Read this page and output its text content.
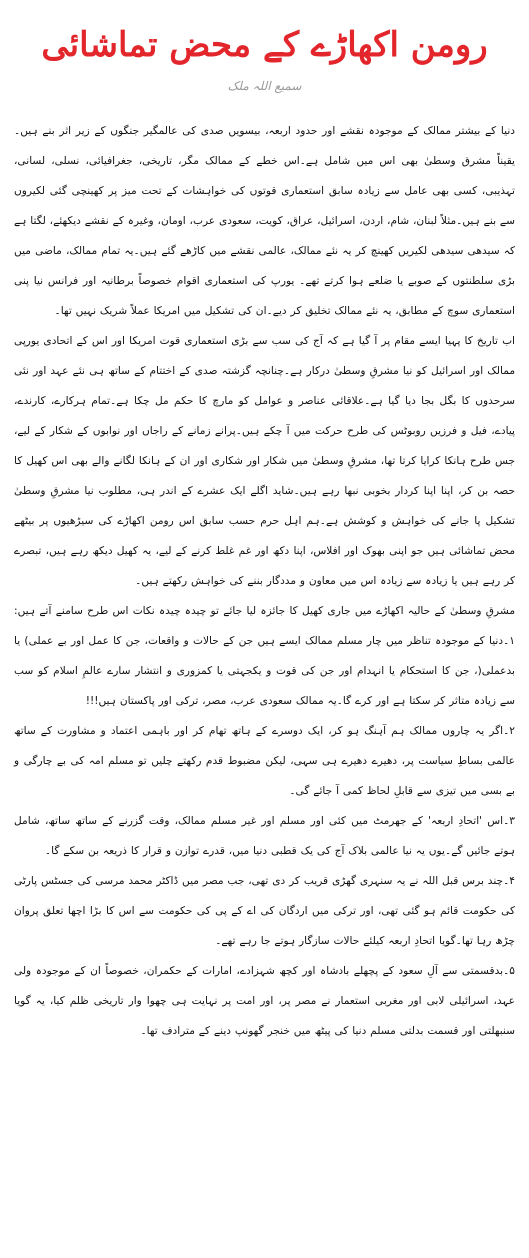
رومن اکھاڑے کے محض تماشائی
سمیع اللہ ملک

دنیا کے بیشتر ممالک کے موجودہ نقشے اور حدود اربعہ، بیسویں صدی کی عالمگیر جنگوں کے زیر اثر بنے ہیں۔یقیناً مشرق وسطیٰ بھی اس میں شامل ہے۔اس خطے کے ممالک مگر، تاریخی، جغرافیائی، نسلی، لسانی، تہذیبی، کسی بھی عامل سے زیادہ سابق استعماری قوتوں کی خواہشات کے تحت میز پر کھینچی گئی لکیروں سے بنے ہیں۔مثلاً لبنان، شام، اردن، اسرائیل، عراق، کویت، سعودی عرب، اومان، وغیرہ کے نقشے دیکھئے، لگتا ہے کہ سیدھی سیدھی لکیریں کھینچ کر یہ نئے ممالک، عالمی نقشے میں کاڑھے گئے ہیں۔یہ تمام ممالک، ماضی میں بڑی سلطنتوں کے صوبے یا ضلعے ہوا کرتے تھے۔ یورپ کی استعماری اقوام خصوصاً برطانیہ اور فرانس نیا پنی استعماری سوچ کے مطابق، یہ نئے ممالک تخلیق کر دیے۔ان کی تشکیل میں امریکا عملاً شریک نہیں تھا۔

اب تاریخ کا پہیا ایسے مقام پر آ گیا ہے کہ آج کی سب سے بڑی استعماری قوت امریکا اور اس کے اتحادی یورپی ممالک اور اسرائیل کو نیا مشرقِ وسطیٰ درکار ہے۔چنانچہ گزشتہ صدی کے اختتام کے ساتھ ہی نئے عہد اور نئی سرحدوں کا بگل بجا دیا گیا ہے۔علاقائی عناصر و عوامل کو مارچ کا حکم مل چکا ہے۔تمام ہرکارے، کارندے، پیادے، فیل و فرزیں روبوٹس کی طرح حرکت میں آ چکے ہیں۔پرانے زمانے کے راجاں اور نوابوں کے شکار کے لیے، جس طرح ہانکا کرایا کرتا تھا، مشرقِ وسطیٰ میں شکار اور شکاری اور ان کے ہانکا لگانے والے بھی اس کھیل کا حصہ بن کر، اپنا اپنا کردار بخوبی نبھا رہے ہیں۔شاید اگلے ایک عشرے کے اندر ہی، مطلوب نیا مشرقِ وسطیٰ تشکیل پا جانے کی خواہش و کوشش ہے۔ہم اہل حرم حسب سابق اس رومن اکھاڑے کی سیڑھیوں پر بیٹھے محض تماشائی ہیں جو اپنی بھوک اور افلاس، اپنا دکھ اور غم غلط کرنے کے لیے، یہ کھیل دیکھ رہے ہیں، تبصرے کر رہے ہیں یا زیادہ سے زیادہ اس میں معاون و مددگار بننے کی خواہش رکھتے ہیں۔

مشرقِ وسطیٰ کے حالیہ اکھاڑے میں جاری کھیل کا جائزہ لیا جائے تو چیدہ چیدہ نکات اس طرح سامنے آتے ہیں: ۱۔دنیا کے موجودہ تناظر میں چار مسلم ممالک ایسے ہیں جن کے حالات و واقعات، جن کا عمل اور بے عملی) یا بدعملی(، جن کا استحکام یا انہدام اور جن کی قوت و یکجہتی یا کمزوری و انتشار سارے عالمِ اسلام کو سب سے زیادہ متاثر کر سکتا ہے اور کرے گا۔یہ ممالک سعودی عرب، مصر، ترکی اور پاکستان ہیں!!!

۲۔اگر یہ چاروں ممالک ہم آہنگ ہو کر، ایک دوسرے کے ہاتھ تھام کر اور باہمی اعتماد و مشاورت کے ساتھ عالمی بساطِ سیاست پر، دھیرے دھیرے ہی سہی، لیکن مضبوط قدم رکھتے چلیں تو مسلم امہ کی بے چارگی و بے بسی میں تیزی سے قابلِ لحاظ کمی آ جائے گی۔

۳۔اس 'اتحادِ اربعہ' کے جھرمٹ میں کئی اور مسلم اور غیر مسلم ممالک، وقت گزرنے کے ساتھ ساتھ، شامل ہوتے جائیں گے۔یوں یہ نیا عالمی بلاک آج کی یک قطبی دنیا میں، قدرے توازن و قرار کا ذریعہ بن سکے گا۔

۴۔چند برس قبل اللہ نے یہ سنہری گھڑی قریب کر دی تھی، جب مصر میں ڈاکٹر محمد مرسی کی جسٹس پارٹی کی حکومت قائم ہو گئی تھی، اور ترکی میں اردگان کی اے کے پی کی حکومت سے اس کا بڑا اچھا تعلق پروان چڑھ رہا تھا۔گویا اتحادِ اربعہ کیلئے حالات سازگار ہوتے جا رہے تھے۔

۵۔بدقسمتی سے آلِ سعود کے پچھلے بادشاہ اور کچھ شہزادے، امارات کے حکمران، خصوصاً ان کے موجودہ ولی عہد، اسرائیلی لابی اور مغربی استعمار نے مصر پر، اور امت پر نہایت ہی چھوا وار تاریخی ظلم کیا، یہ گویا سنبھلتی اور قسمت بدلتی مسلم دنیا کی پیٹھ میں خنجر گھونپ دینے کے مترادف تھا۔
